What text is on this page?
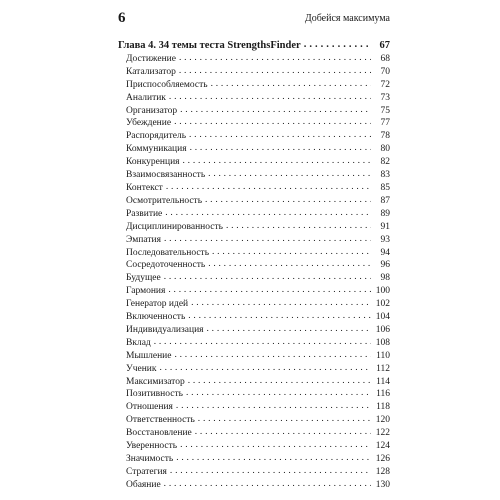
6	Добейся максимума
Глава 4. 34 темы теста StrengthsFinder . . .	67
Достижение . . .	68
Катализатор . . .	70
Приспособляемость . . .	72
Аналитик . . .	73
Организатор . . .	75
Убеждение . . .	77
Распорядитель . . .	78
Коммуникация . . .	80
Конкуренция . . .	82
Взаимосвязанность . . .	83
Контекст . . .	85
Осмотрительность . . .	87
Развитие . . .	89
Дисциплинированность . . .	91
Эмпатия . . .	93
Последовательность . . .	94
Сосредоточенность . . .	96
Будущее . . .	98
Гармония . . .	100
Генератор идей . . .	102
Включенность . . .	104
Индивидуализация . . .	106
Вклад . . .	108
Мышление . . .	110
Ученик . . .	112
Максимизатор . . .	114
Позитивность . . .	116
Отношения . . .	118
Ответственность . . .	120
Восстановление . . .	122
Уверенность . . .	124
Значимость . . .	126
Стратегия . . .	128
Обаяние . . .	130
